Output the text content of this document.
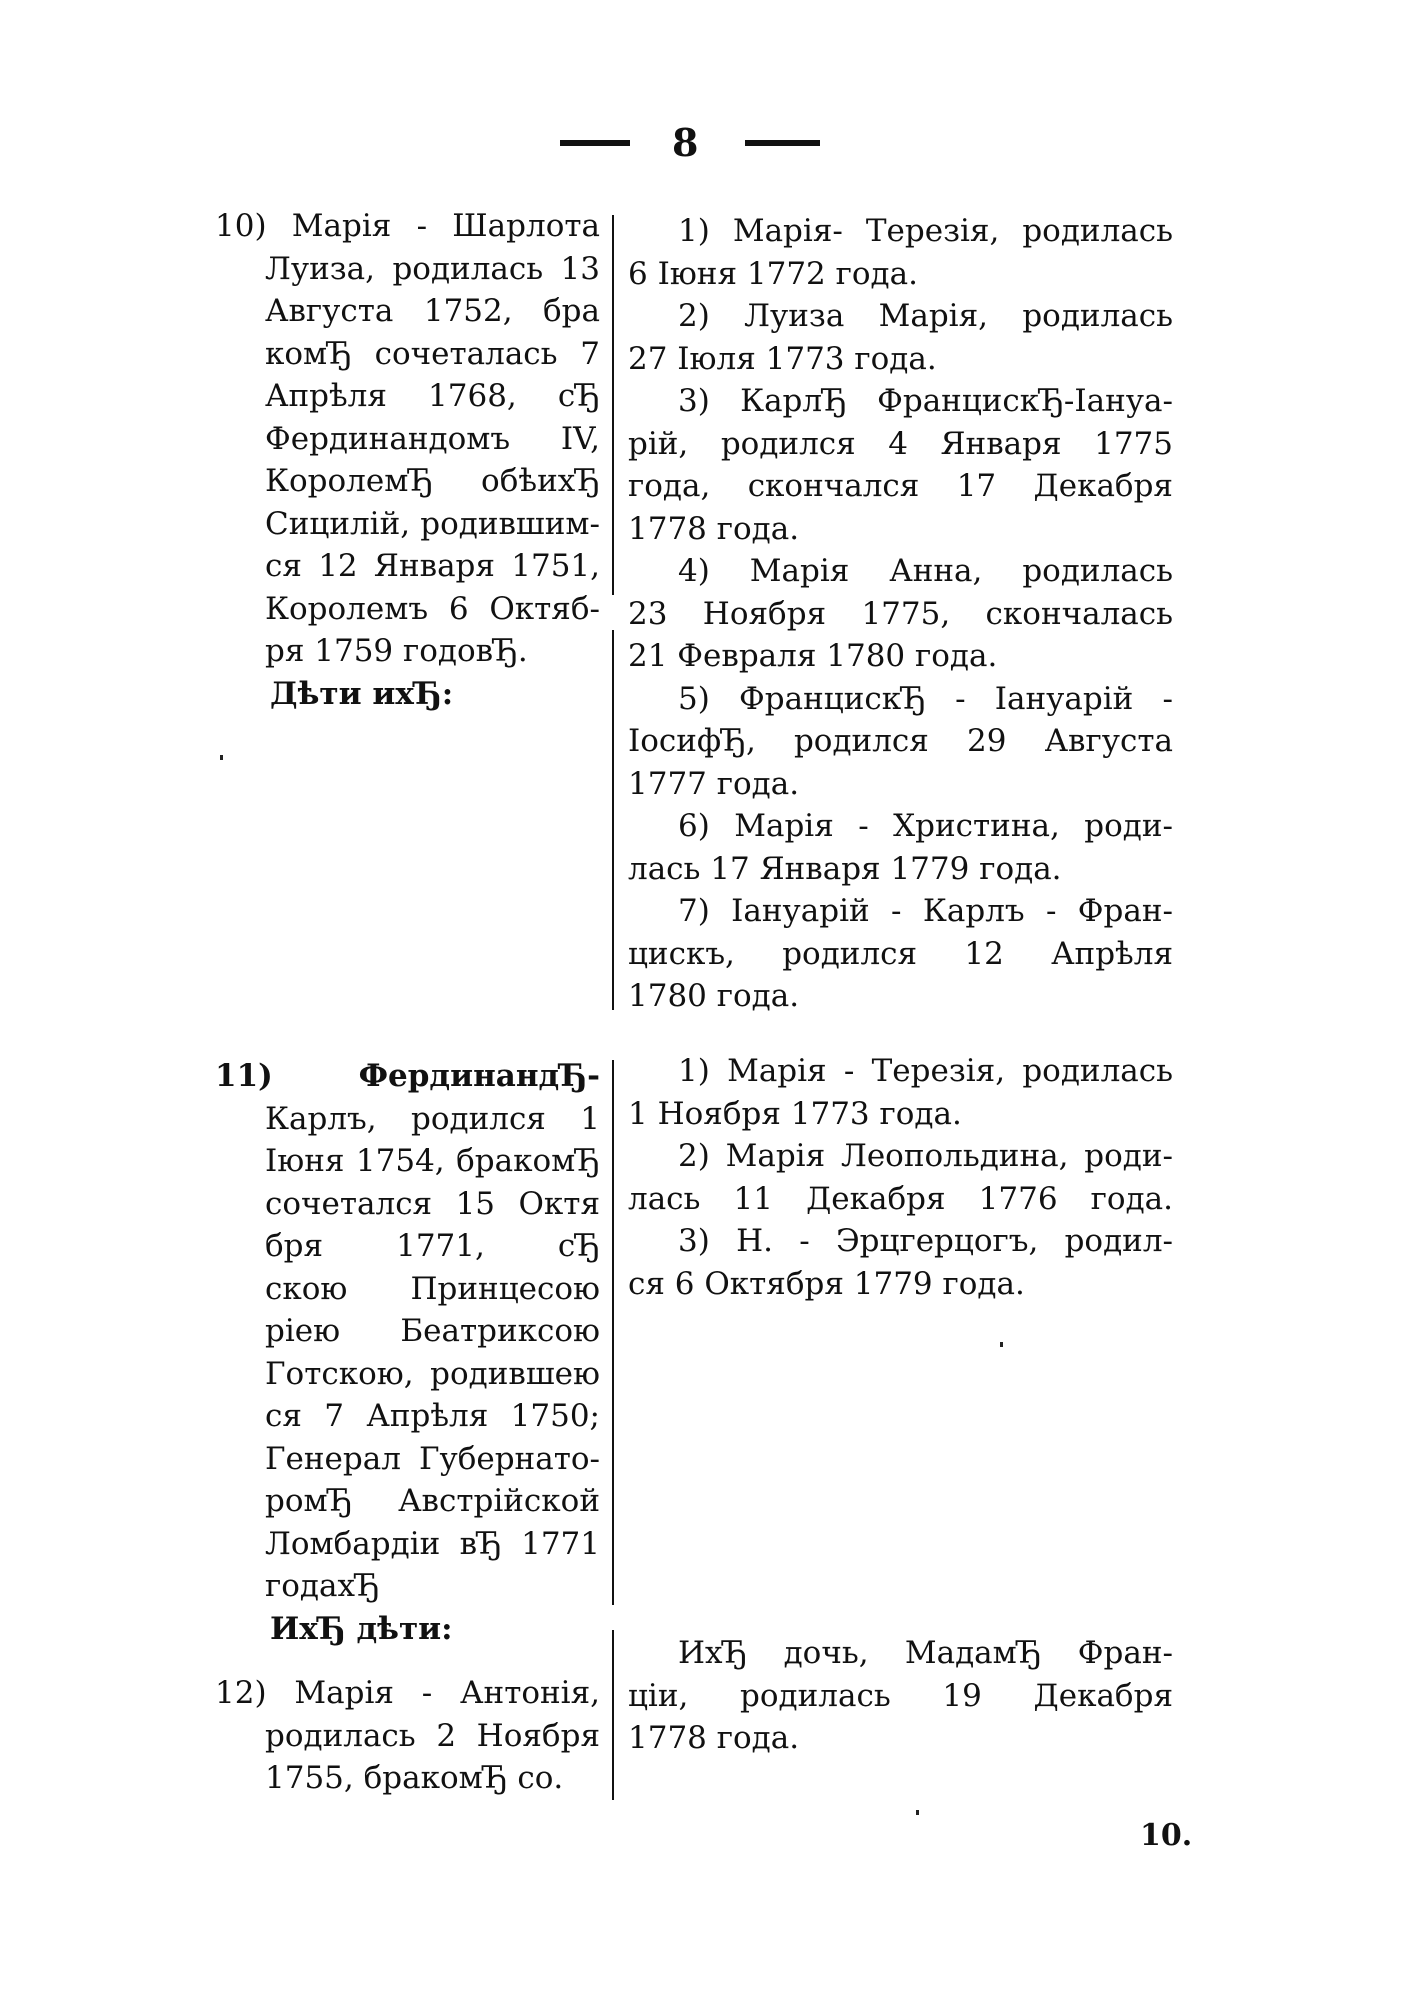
8
10) Марія - Шарлота
Луиза, родилась 13
Августа 1752, бра
комЂ сочеталась 7
Апрѣля 1768, сЂ
Фердинандомъ IV,
КоролемЂ обѣихЂ
Сицилій, родившим-
ся 12 Января 1751,
Королемъ 6 Октяб-
ря 1759 годовЂ.
Дѣти ихЂ:
11) ФердинандЂ-
Карлъ, родился 1
Іюня 1754, бракомЂ
сочетался 15 Октя
бря 1771, сЂ
скою Принцесою
ріею Беатриксою
Готскою, родившею
ся 7 Апрѣля 1750;
Генерал Губернато-
ромЂ Австрійской
Ломбардіи вЂ 1771
годахЂ
ИхЂ дѣти:
12) Марія - Антонія,
родилась 2 Ноября
1755, бракомЂ со.
1) Марія- Терезія, родилась
6 Іюня 1772 года.
2) Луиза Марія, родилась
27 Іюля 1773 года.
3) КарлЂ ФранцискЂ-Іануа-
рій, родился 4 Января 1775
года, скончался 17 Декабря
1778 года.
4) Марія Анна, родилась
23 Ноября 1775, скончалась
21 Февраля 1780 года.
5) ФранцискЂ - Іануарій -
ІосифЂ, родился 29 Августа
1777 года.
6) Марія - Христина, роди-
лась 17 Января 1779 года.
7) Іануарій - Карлъ - Фран-
цискъ, родился 12 Апрѣля
1780 года.
1) Марія - Терезія, родилась
1 Ноября 1773 года.
2) Марія Леопольдина, роди-
лась 11 Декабря 1776 года.
3) Н. - Эрцгерцогъ, родил-
ся 6 Октября 1779 года.
ИхЂ дочь, МадамЂ Фран-
ціи, родилась 19 Декабря
1778 года.
10.
